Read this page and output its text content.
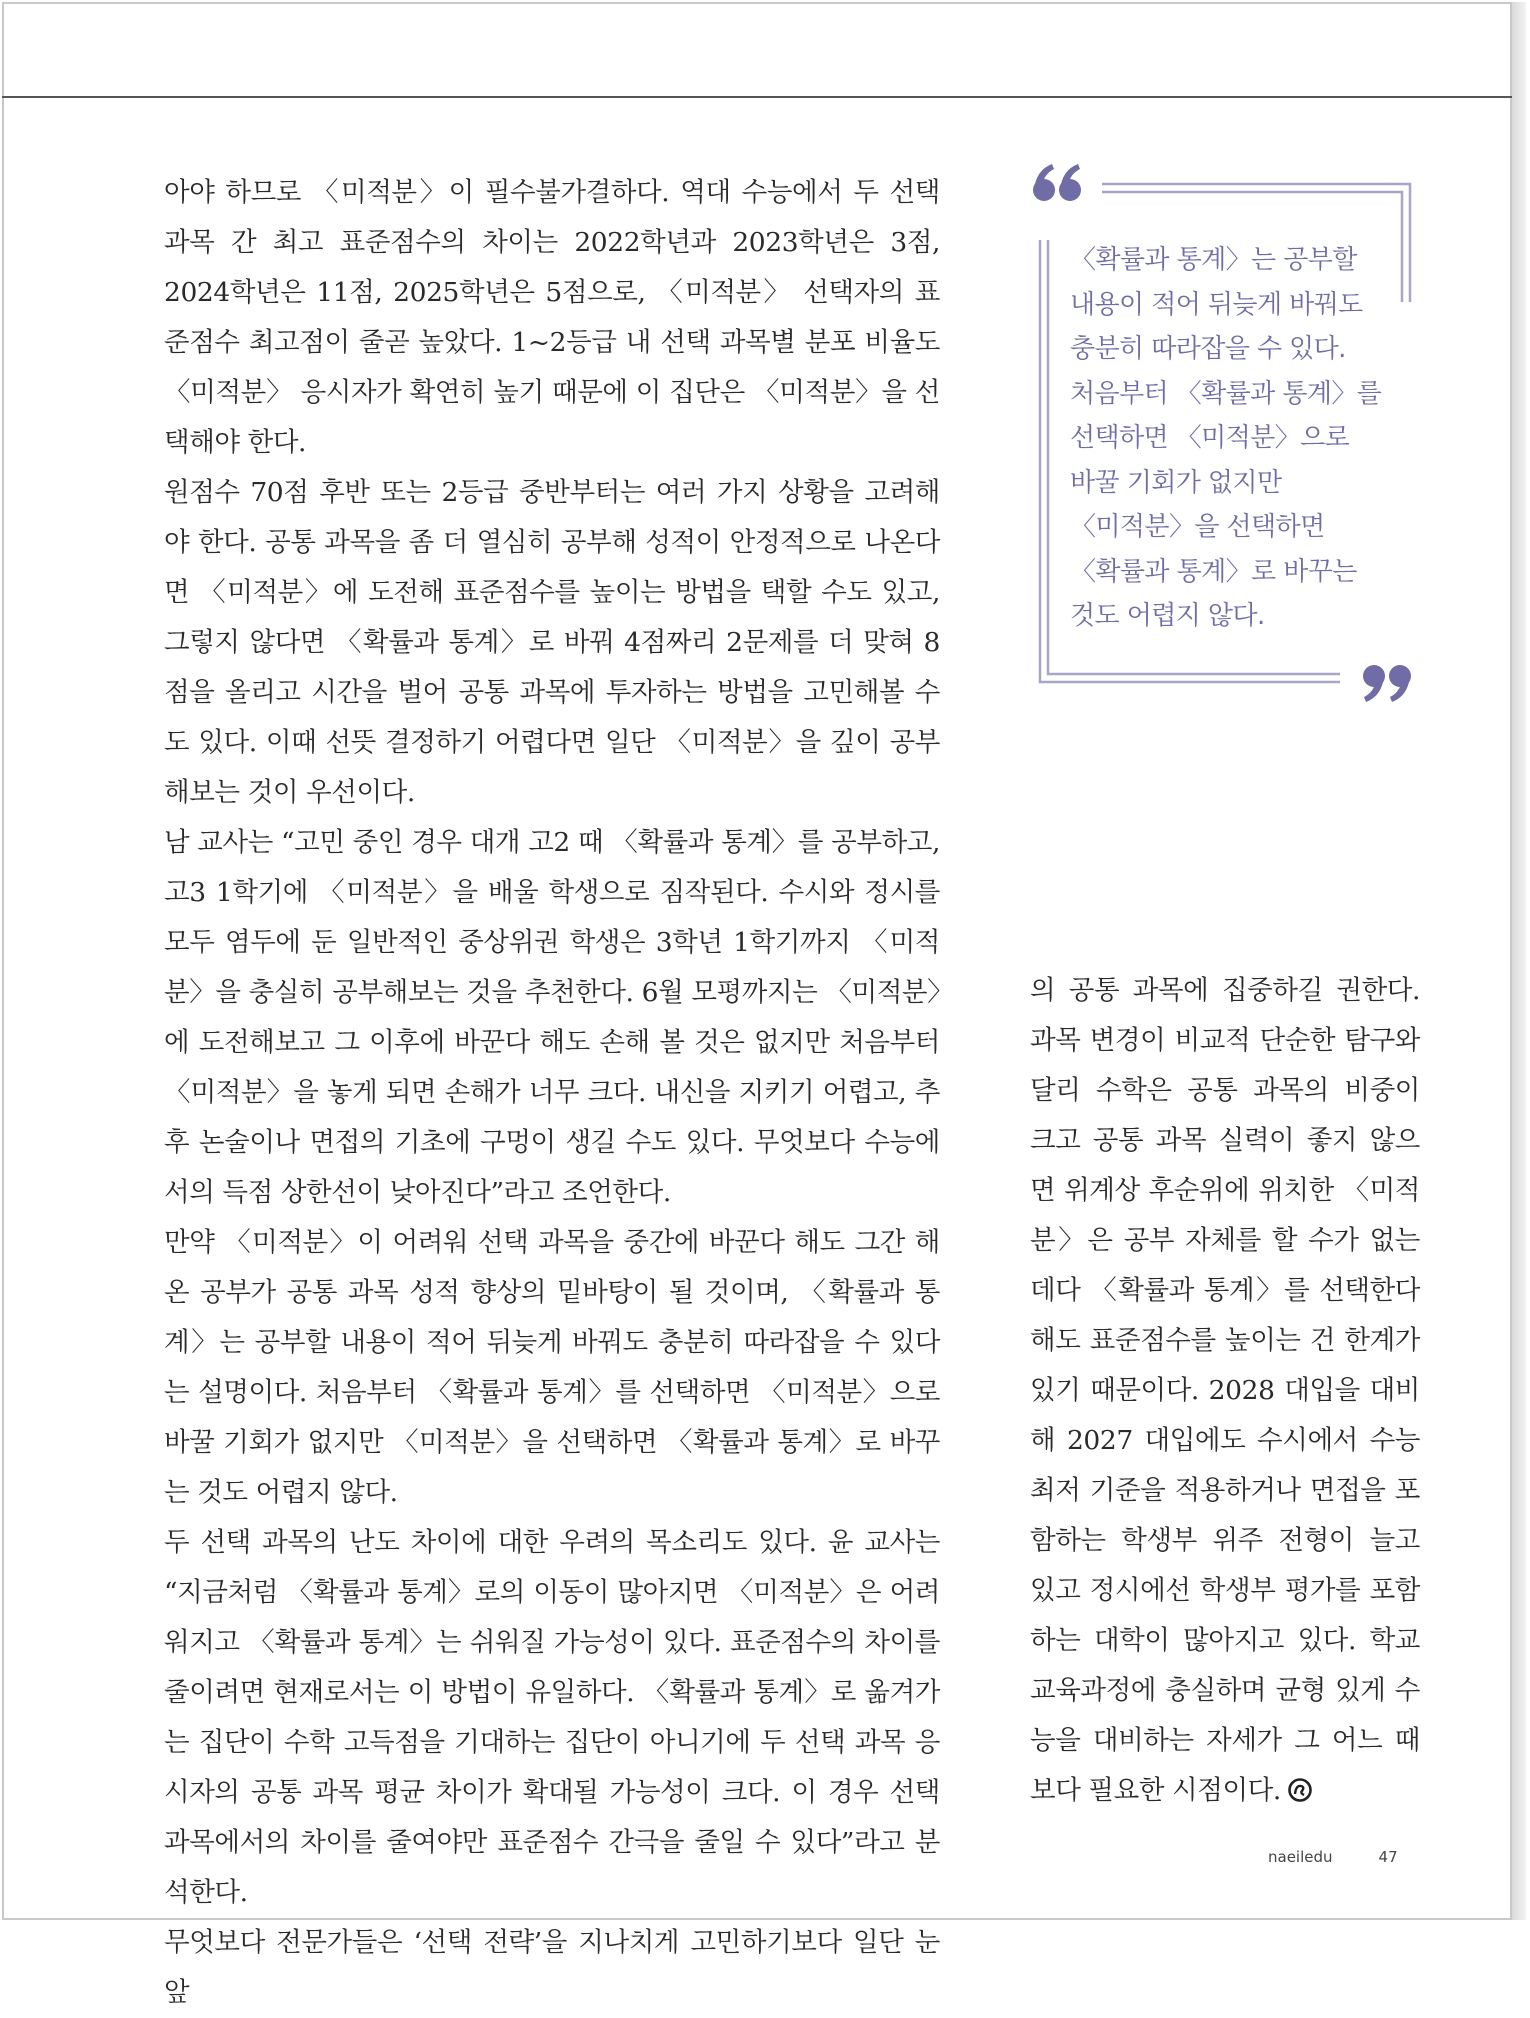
아야 하므로 〈미적분〉이 필수불가결하다. 역대 수능에서 두 선택 과목 간 최고 표준점수의 차이는 2022학년과 2023학년은 3점, 2024학년은 11점, 2025학년은 5점으로, 〈미적분〉 선택자의 표준점수 최고점이 줄곧 높았다. 1~2등급 내 선택 과목별 분포 비율도 〈미적분〉 응시자가 확연히 높기 때문에 이 집단은 〈미적분〉을 선택해야 한다.

원점수 70점 후반 또는 2등급 중반부터는 여러 가지 상황을 고려해야 한다. 공통 과목을 좀 더 열심히 공부해 성적이 안정적으로 나온다면 〈미적분〉에 도전해 표준점수를 높이는 방법을 택할 수도 있고, 그렇지 않다면 〈확률과 통계〉로 바꿔 4점짜리 2문제를 더 맞혀 8점을 올리고 시간을 벌어 공통 과목에 투자하는 방법을 고민해볼 수도 있다. 이때 선뜻 결정하기 어렵다면 일단 〈미적분〉을 깊이 공부해보는 것이 우선이다.

남 교사는 “고민 중인 경우 대개 고2 때 〈확률과 통계〉를 공부하고, 고3 1학기에 〈미적분〉을 배울 학생으로 짐작된다. 수시와 정시를 모두 염두에 둔 일반적인 중상위권 학생은 3학년 1학기까지 〈미적분〉을 충실히 공부해보는 것을 추천한다. 6월 모평까지는 〈미적분〉에 도전해보고 그 이후에 바꾼다 해도 손해 볼 것은 없지만 처음부터 〈미적분〉을 놓게 되면 손해가 너무 크다. 내신을 지키기 어렵고, 추후 논술이나 면접의 기초에 구멍이 생길 수도 있다. 무엇보다 수능에서의 득점 상한선이 낮아진다”라고 조언한다.

만약 〈미적분〉이 어려워 선택 과목을 중간에 바꾼다 해도 그간 해온 공부가 공통 과목 성적 향상의 밑바탕이 될 것이며, 〈확률과 통계〉는 공부할 내용이 적어 뒤늦게 바꿔도 충분히 따라잡을 수 있다는 설명이다. 처음부터 〈확률과 통계〉를 선택하면 〈미적분〉으로 바꿀 기회가 없지만 〈미적분〉을 선택하면 〈확률과 통계〉로 바꾸는 것도 어렵지 않다.

두 선택 과목의 난도 차이에 대한 우려의 목소리도 있다. 윤 교사는 “지금처럼 〈확률과 통계〉로의 이동이 많아지면 〈미적분〉은 어려워지고 〈확률과 통계〉는 쉬워질 가능성이 있다. 표준점수의 차이를 줄이려면 현재로서는 이 방법이 유일하다. 〈확률과 통계〉로 옮겨가는 집단이 수학 고득점을 기대하는 집단이 아니기에 두 선택 과목 응시자의 공통 과목 평균 차이가 확대될 가능성이 크다. 이 경우 선택 과목에서의 차이를 줄여야만 표준점수 간극을 줄일 수 있다”라고 분석한다.

무엇보다 전문가들은 ‘선택 전략’을 지나치게 고민하기보다 일단 눈앞

〈확률과 통계〉는 공부할
내용이 적어 뒤늦게 바꿔도
충분히 따라잡을 수 있다.
처음부터 〈확률과 통계〉를
선택하면 〈미적분〉으로
바꿀 기회가 없지만
〈미적분〉을 선택하면
〈확률과 통계〉로 바꾸는
것도 어렵지 않다.

의 공통 과목에 집중하길 권한다. 과목 변경이 비교적 단순한 탐구와 달리 수학은 공통 과목의 비중이 크고 공통 과목 실력이 좋지 않으면 위계상 후순위에 위치한 〈미적분〉은 공부 자체를 할 수가 없는 데다 〈확률과 통계〉를 선택한다 해도 표준점수를 높이는 건 한계가 있기 때문이다. 2028 대입을 대비해 2027 대입에도 수시에서 수능 최저 기준을 적용하거나 면접을 포함하는 학생부 위주 전형이 늘고 있고 정시에선 학생부 평가를 포함하는 대학이 많아지고 있다. 학교 교육과정에 충실하며 균형 있게 수능을 대비하는 자세가 그 어느 때보다 필요한 시점이다.

naeiledu	47
